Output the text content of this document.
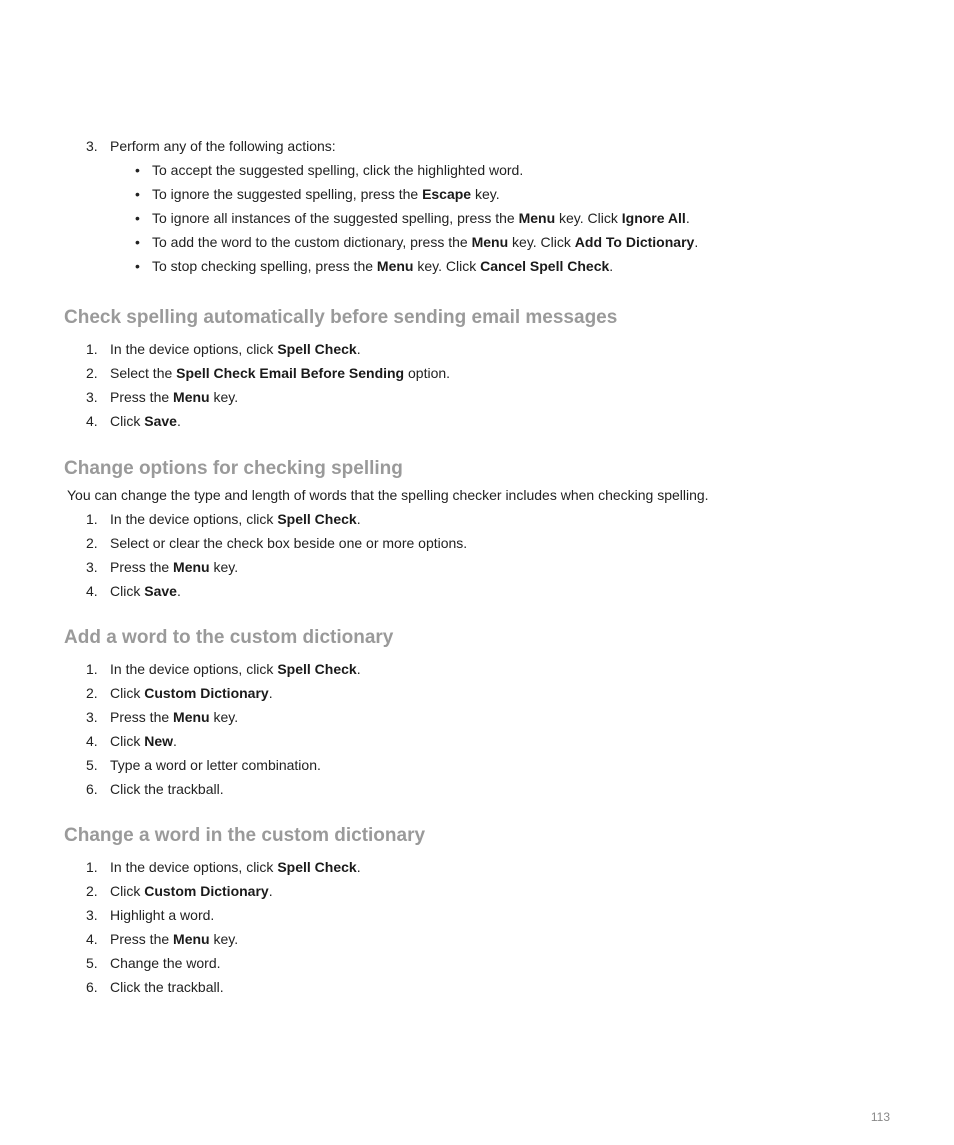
3. Perform any of the following actions:
• To accept the suggested spelling, click the highlighted word.
• To ignore the suggested spelling, press the Escape key.
• To ignore all instances of the suggested spelling, press the Menu key. Click Ignore All.
• To add the word to the custom dictionary, press the Menu key. Click Add To Dictionary.
• To stop checking spelling, press the Menu key. Click Cancel Spell Check.
Check spelling automatically before sending email messages
1. In the device options, click Spell Check.
2. Select the Spell Check Email Before Sending option.
3. Press the Menu key.
4. Click Save.
Change options for checking spelling

You can change the type and length of words that the spelling checker includes when checking spelling.

1. In the device options, click Spell Check.
2. Select or clear the check box beside one or more options.
3. Press the Menu key.
4. Click Save.
Add a word to the custom dictionary
1. In the device options, click Spell Check.
2. Click Custom Dictionary.
3. Press the Menu key.
4. Click New.
5. Type a word or letter combination.
6. Click the trackball.
Change a word in the custom dictionary
1. In the device options, click Spell Check.
2. Click Custom Dictionary.
3. Highlight a word.
4. Press the Menu key.
5. Change the word.
6. Click the trackball.
113
